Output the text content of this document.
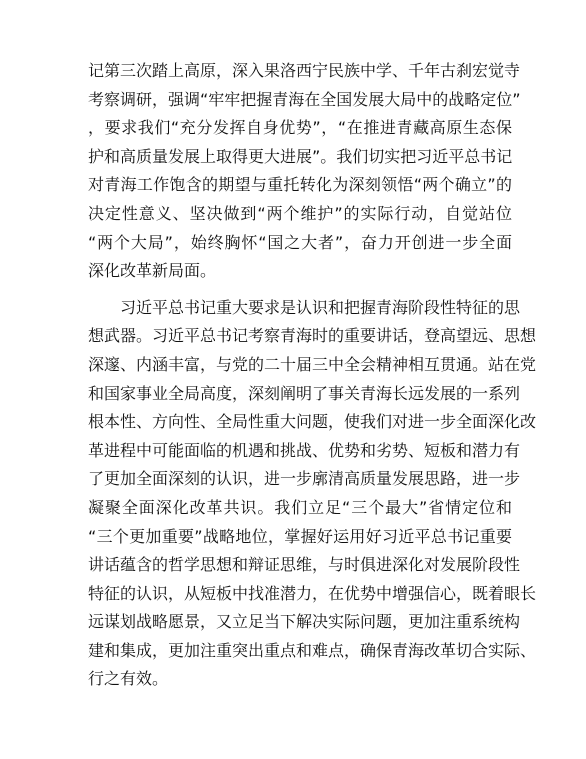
记第三次踏上高原，深入果洛西宁民族中学、千年古刹宏觉寺
考察调研，强调“牢牢把握青海在全国发展大局中的战略定位”
，要求我们“充分发挥自身优势”，“在推进青藏高原生态保
护和高质量发展上取得更大进展”。我们切实把习近平总书记
对青海工作饱含的期望与重托转化为深刻领悟“两个确立”的
决定性意义、坚决做到“两个维护”的实际行动，自觉站位
“两个大局”，始终胸怀“国之大者”，奋力开创进一步全面
深化改革新局面。

习近平总书记重大要求是认识和把握青海阶段性特征的思
想武器。习近平总书记考察青海时的重要讲话，登高望远、思想
深邃、内涵丰富，与党的二十届三中全会精神相互贯通。站在党
和国家事业全局高度，深刻阐明了事关青海长远发展的一系列
根本性、方向性、全局性重大问题，使我们对进一步全面深化改
革进程中可能面临的机遇和挑战、优势和劣势、短板和潜力有
了更加全面深刻的认识，进一步廓清高质量发展思路，进一步
凝聚全面深化改革共识。我们立足“三个最大”省情定位和
“三个更加重要”战略地位，掌握好运用好习近平总书记重要
讲话蕴含的哲学思想和辩证思维，与时俱进深化对发展阶段性
特征的认识，从短板中找准潜力，在优势中增强信心，既着眼长
远谋划战略愿景，又立足当下解决实际问题，更加注重系统构
建和集成，更加注重突出重点和难点，确保青海改革切合实际、
行之有效。
